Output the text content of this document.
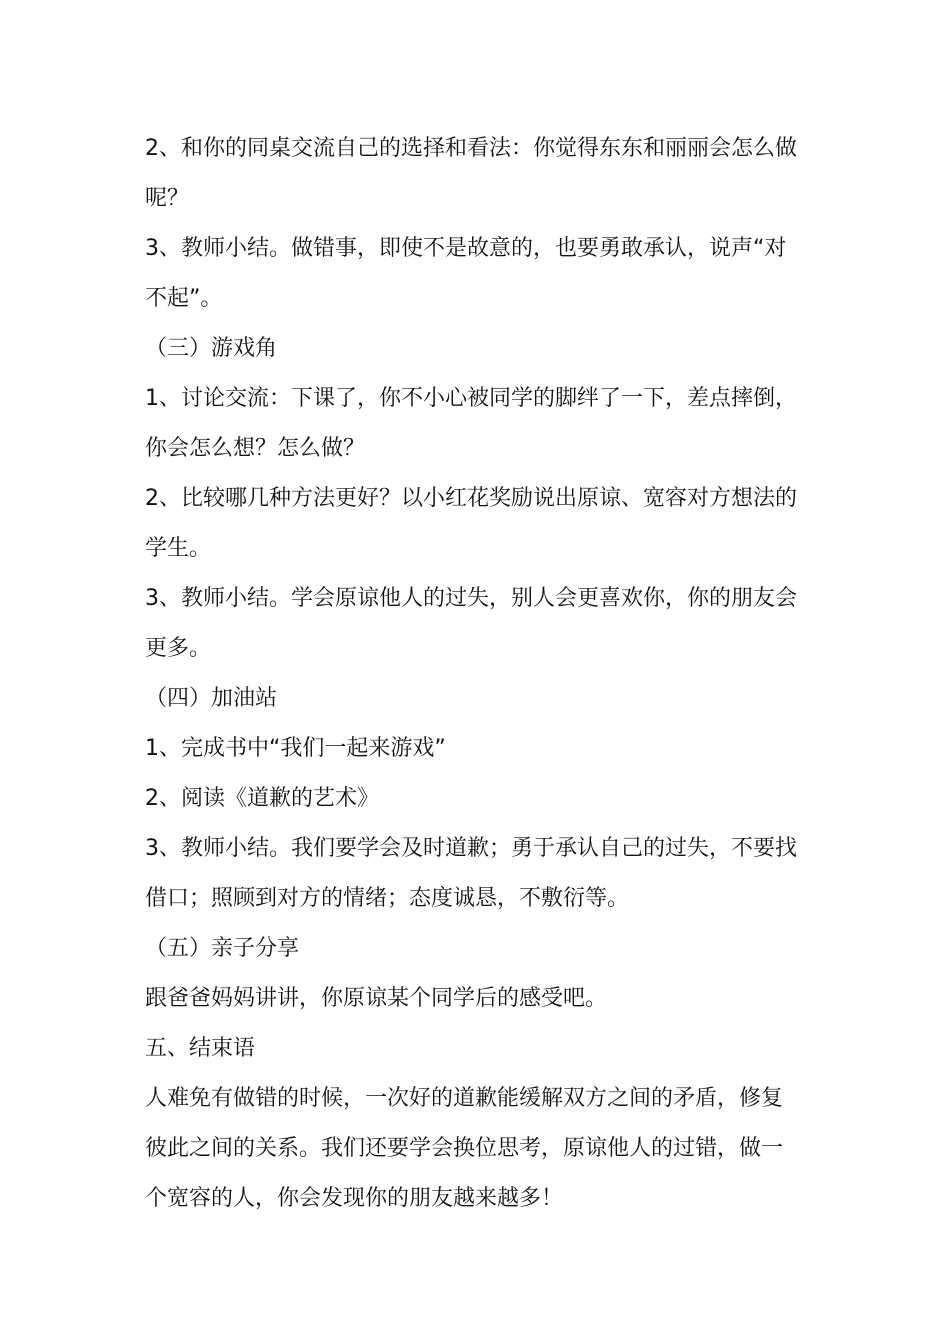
2、和你的同桌交流自己的选择和看法：你觉得东东和丽丽会怎么做
呢？
3、教师小结。做错事，即使不是故意的，也要勇敢承认，说声“对
不起”。
（三）游戏角
1、讨论交流：下课了，你不小心被同学的脚绊了一下，差点摔倒，
你会怎么想？怎么做？
2、比较哪几种方法更好？以小红花奖励说出原谅、宽容对方想法的
学生。
3、教师小结。学会原谅他人的过失，别人会更喜欢你，你的朋友会
更多。
（四）加油站
1、完成书中“我们一起来游戏”
2、阅读《道歉的艺术》
3、教师小结。我们要学会及时道歉；勇于承认自己的过失，不要找
借口；照顾到对方的情绪；态度诚恳，不敷衍等。
（五）亲子分享
跟爸爸妈妈讲讲，你原谅某个同学后的感受吧。
五、结束语
人难免有做错的时候，一次好的道歉能缓解双方之间的矛盾，修复
彼此之间的关系。我们还要学会换位思考，原谅他人的过错，做一
个宽容的人，你会发现你的朋友越来越多！
